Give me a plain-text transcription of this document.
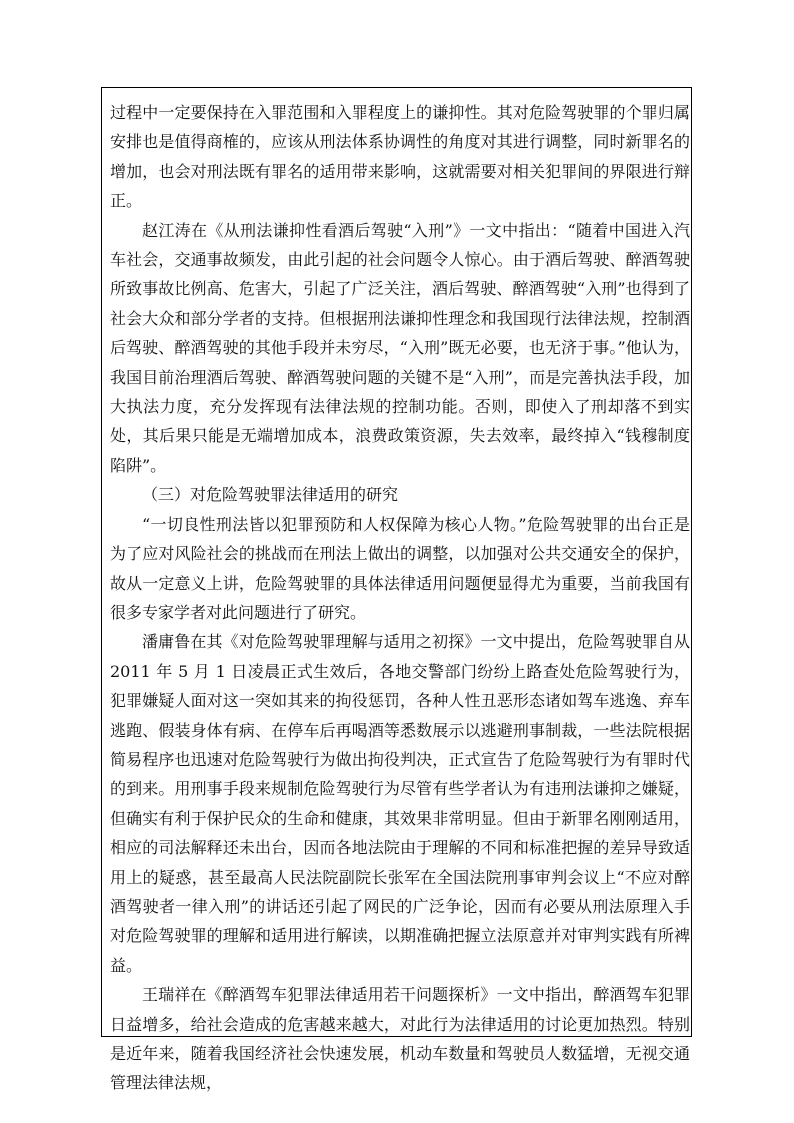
过程中一定要保持在入罪范围和入罪程度上的谦抑性。其对危险驾驶罪的个罪归属安排也是值得商榷的，应该从刑法体系协调性的角度对其进行调整，同时新罪名的增加，也会对刑法既有罪名的适用带来影响，这就需要对相关犯罪间的界限进行辩正。

赵江涛在《从刑法谦抑性看酒后驾驶“入刑”》一文中指出：“随着中国进入汽车社会，交通事故频发，由此引起的社会问题令人惊心。由于酒后驾驶、醉酒驾驶所致事故比例高、危害大，引起了广泛关注，酒后驾驶、醉酒驾驶“入刑”也得到了社会大众和部分学者的支持。但根据刑法谦抑性理念和我国现行法律法规，控制酒后驾驶、醉酒驾驶的其他手段并未穷尽，“入刑”既无必要，也无济于事。”他认为，我国目前治理酒后驾驶、醉酒驾驶问题的关键不是“入刑”，而是完善执法手段，加大执法力度，充分发挥现有法律法规的控制功能。否则，即使入了刑却落不到实处，其后果只能是无端增加成本，浪费政策资源，失去效率，最终掉入“钱穆制度陷阱”。

（三）对危险驾驶罪法律适用的研究

“一切良性刑法皆以犯罪预防和人权保障为核心人物。”危险驾驶罪的出台正是为了应对风险社会的挑战而在刑法上做出的调整，以加强对公共交通安全的保护，故从一定意义上讲，危险驾驶罪的具体法律适用问题便显得尤为重要，当前我国有很多专家学者对此问题进行了研究。

潘庸鲁在其《对危险驾驶罪理解与适用之初探》一文中提出，危险驾驶罪自从 2011 年 5 月 1 日凌晨正式生效后，各地交警部门纷纷上路查处危险驾驶行为，犯罪嫌疑人面对这一突如其来的拘役惩罚，各种人性丑恶形态诸如驾车逃逸、弃车逃跑、假装身体有病、在停车后再喝酒等悉数展示以逃避刑事制裁，一些法院根据简易程序也迅速对危险驾驶行为做出拘役判决，正式宣告了危险驾驶行为有罪时代的到来。用刑事手段来规制危险驾驶行为尽管有些学者认为有违刑法谦抑之嫌疑，但确实有利于保护民众的生命和健康，其效果非常明显。但由于新罪名刚刚适用，相应的司法解释还未出台，因而各地法院由于理解的不同和标准把握的差异导致适用上的疑惑，甚至最高人民法院副院长张军在全国法院刑事审判会议上“不应对醉酒驾驶者一律入刑”的讲话还引起了网民的广泛争论，因而有必要从刑法原理入手对危险驾驶罪的理解和适用进行解读，以期准确把握立法原意并对审判实践有所裨益。

王瑞祥在《醉酒驾车犯罪法律适用若干问题探析》一文中指出，醉酒驾车犯罪日益增多，给社会造成的危害越来越大，对此行为法律适用的讨论更加热烈。特别是近年来，随着我国经济社会快速发展，机动车数量和驾驶员人数猛增，无视交通管理法律法规，
